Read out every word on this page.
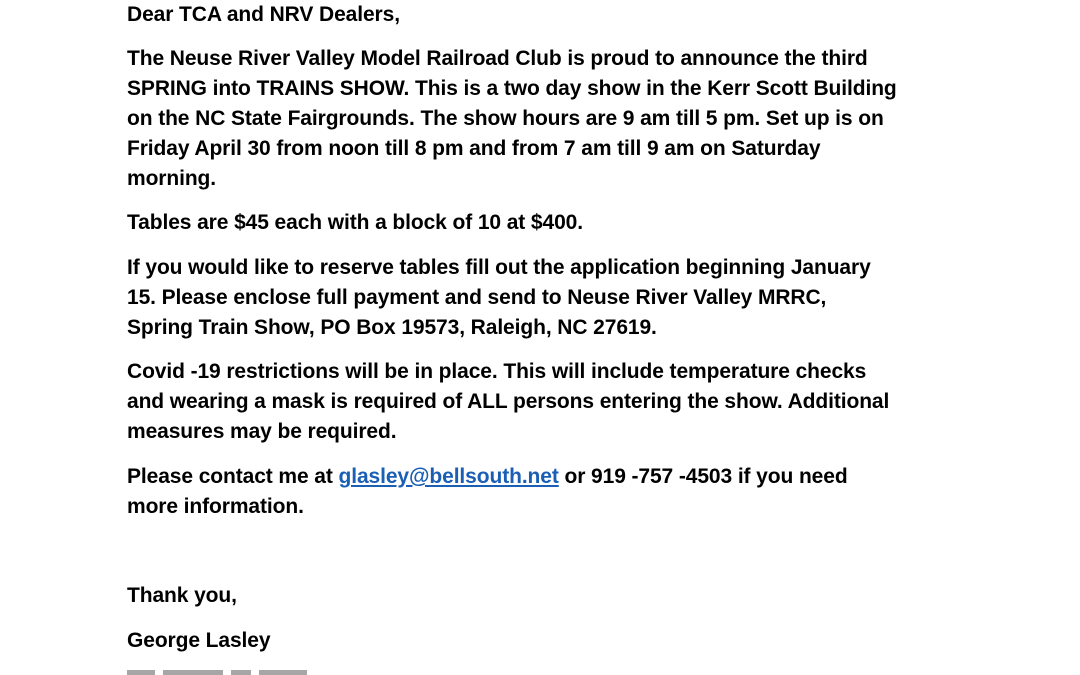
Dear TCA and NRV Dealers,

The Neuse River Valley Model Railroad Club is proud to announce the third
SPRING into TRAINS SHOW. This is a two day show in the Kerr Scott Building
on the NC State Fairgrounds. The show hours are 9 am till 5 pm. Set up is on
Friday April 30 from noon till 8 pm and from 7 am till 9 am on Saturday
morning.

Tables are $45 each with a block of 10 at $400.

If you would like to reserve tables fill out the application beginning January
15. Please enclose full payment and send to Neuse River Valley MRRC,
Spring Train Show, PO Box 19573, Raleigh, NC 27619.

Covid -19 restrictions will be in place. This will include temperature checks
and wearing a mask is required of ALL persons entering the show. Additional
measures may be required.

Please contact me at glasley@bellsouth.net or 919 -757 -4503 if you need
more information.

Thank you,

George Lasley
